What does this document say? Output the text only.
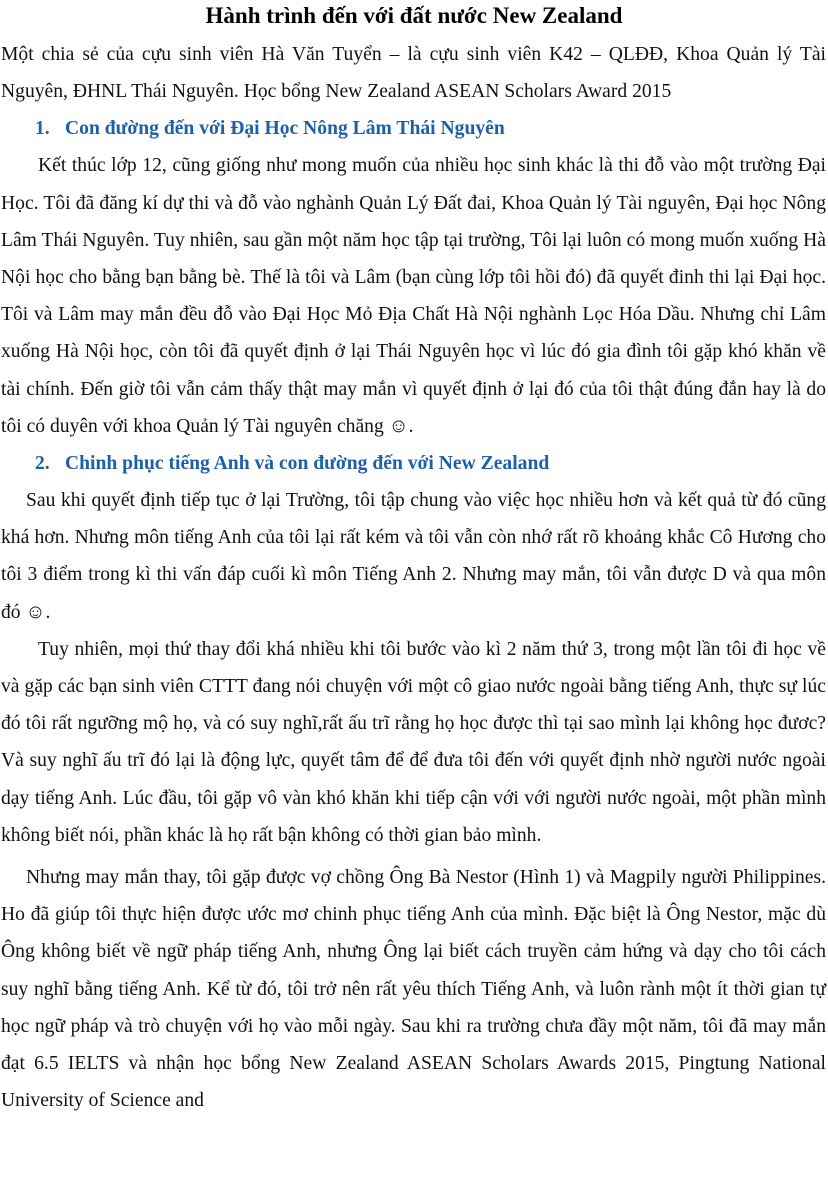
Hành trình đến với đất nước New Zealand

Một chia sẻ của cựu sinh viên Hà Văn Tuyển – là cựu sinh viên K42 – QLĐĐ, Khoa Quản lý Tài Nguyên, ĐHNL Thái Nguyên. Học bổng New Zealand ASEAN Scholars Award 2015

1. Con đường đến với Đại Học Nông Lâm Thái Nguyên

Kết thúc lớp 12, cũng giống như mong muốn của nhiều học sinh khác là thi đỗ vào một trường Đại Học. Tôi đã đăng kí dự thi và đỗ vào nghành Quản Lý Đất đai, Khoa Quản lý Tài nguyên, Đại học Nông Lâm Thái Nguyên. Tuy nhiên, sau gần một năm học tập tại trường, Tôi lại luôn có mong muốn xuống Hà Nội học cho bằng bạn bằng bè. Thế là tôi và Lâm (bạn cùng lớp tôi hồi đó) đã quyết đinh thi lại Đại học. Tôi và Lâm may mắn đều đỗ vào Đại Học Mỏ Địa Chất Hà Nội nghành Lọc Hóa Dầu. Nhưng chỉ Lâm xuống Hà Nội học, còn tôi đã quyết định ở lại Thái Nguyên học vì lúc đó gia đình tôi gặp khó khăn về tài chính. Đến giờ tôi vẫn cảm thấy thật may mắn vì quyết định ở lại đó của tôi thật đúng đắn hay là do tôi có duyên với khoa Quản lý Tài nguyên chăng ☺.

2. Chinh phục tiếng Anh và con đường đến với New Zealand

Sau khi quyết định tiếp tục ở lại Trường, tôi tập chung vào việc học nhiều hơn và kết quả từ đó cũng khá hơn. Nhưng môn tiếng Anh của tôi lại rất kém và tôi vẫn còn nhớ rất rõ khoảng khắc Cô Hương cho tôi 3 điểm trong kì thi vấn đáp cuối kì môn Tiếng Anh 2. Nhưng may mắn, tôi vẫn được D và qua môn đó ☺.

Tuy nhiên, mọi thứ thay đổi khá nhiều khi tôi bước vào kì 2 năm thứ 3, trong một lần tôi đi học về và gặp các bạn sinh viên CTTT đang nói chuyện với một cô giao nước ngoài bằng tiếng Anh, thực sự lúc đó tôi rất ngưỡng mộ họ, và có suy nghĩ,rất ấu trĩ rằng họ học được thì tại sao mình lại không học đươc? Và suy nghĩ ấu trĩ đó lại là động lực, quyết tâm để để đưa tôi đến với quyết định nhờ người nước ngoài dạy tiếng Anh. Lúc đầu, tôi gặp vô vàn khó khăn khi tiếp cận với với người nước ngoài, một phần mình không biết nói, phần khác là họ rất bận không có thời gian bảo mình.

Nhưng may mắn thay, tôi gặp được vợ chồng Ông Bà Nestor (Hình 1) và Magpily người Philippines. Ho đã giúp tôi thực hiện được ước mơ chinh phục tiếng Anh của mình. Đặc biệt là Ông Nestor, mặc dù Ông không biết về ngữ pháp tiếng Anh, nhưng Ông lại biết cách truyền cảm hứng và dạy cho tôi cách suy nghĩ bằng tiếng Anh. Kể từ đó, tôi trở nên rất yêu thích Tiếng Anh, và luôn rành một ít thời gian tự học ngữ pháp và trò chuyện với họ vào mỗi ngày. Sau khi ra trường chưa đầy một năm, tôi đã may mắn đạt 6.5 IELTS và nhận học bổng New Zealand ASEAN Scholars Awards 2015, Pingtung National University of Science and
